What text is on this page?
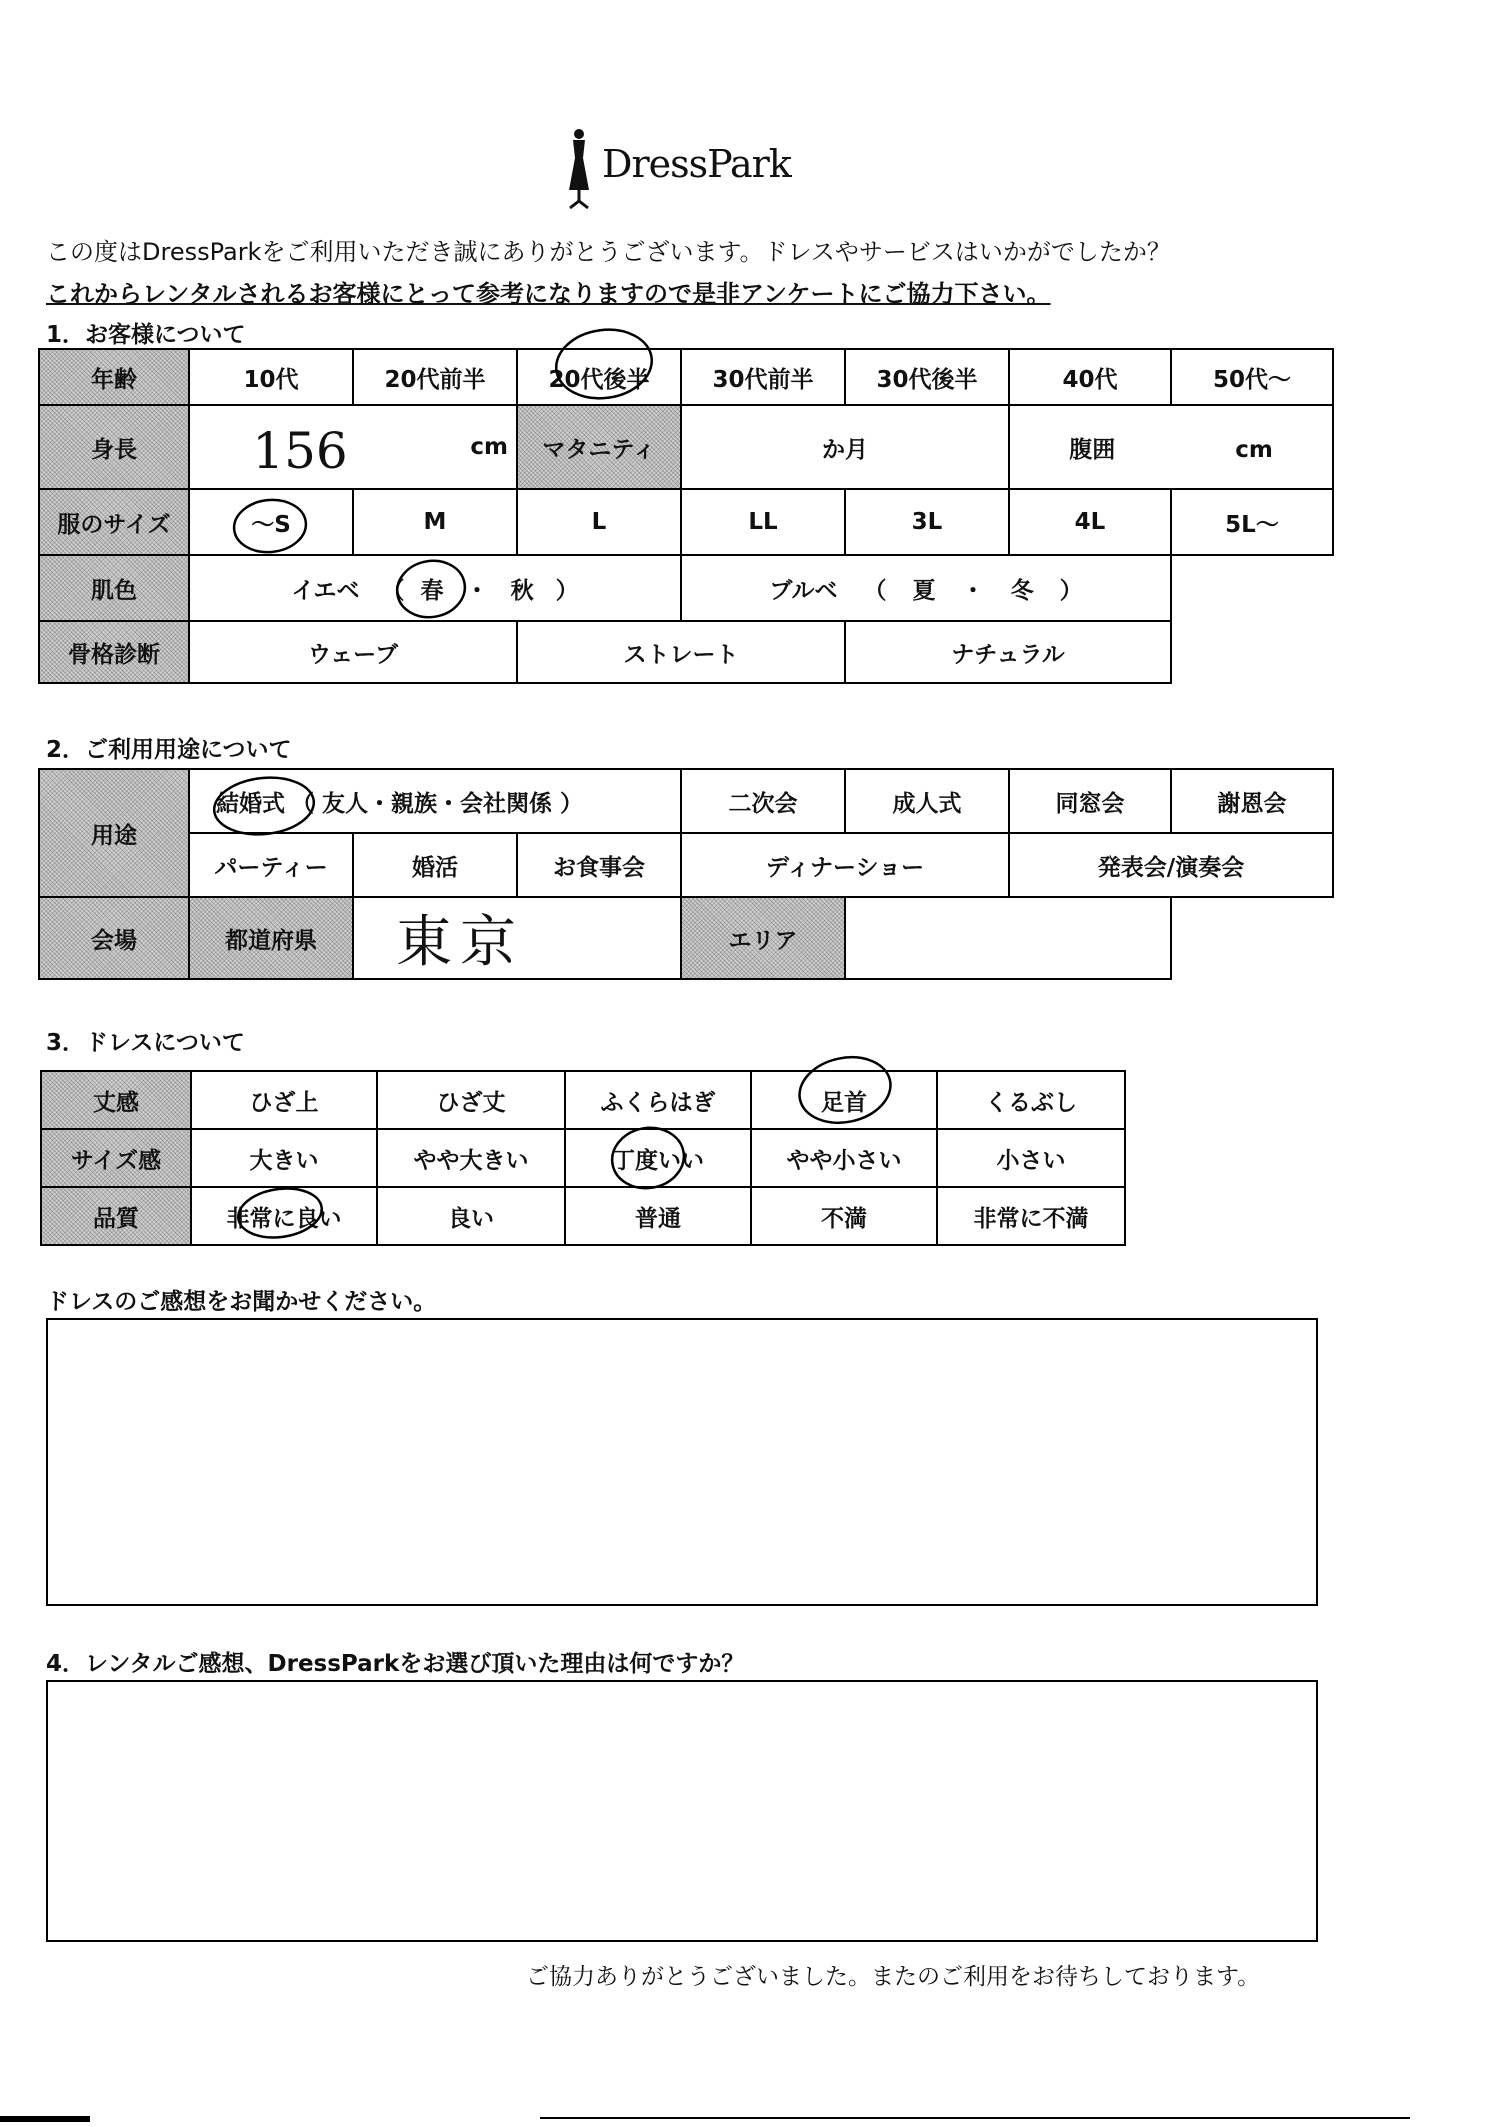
DressPark
この度はDressParkをご利用いただき誠にありがとうございます。ドレスやサービスはいかがでしたか？
これからレンタルされるお客様にとって参考になりますので是非アンケートにご協力下さい。
1．お客様について
年齢	10代	20代前半	20代後半	30代前半	30代後半	40代	50代～
身長	156 cm		マタニティ	か月		腹囲 cm	
服のサイズ	～S	M	L	LL	3L	4L	5L～
肌色	イエベ （ 春 ・ 秋 ）			ブルベ （ 夏 ・ 冬 ）			
骨格診断	ウェーブ		ストレート		ナチュラル		
2．ご利用用途について
用途	結婚式 （ 友人・親族・会社関係 ）			二次会	成人式	同窓会	謝恩会
	パーティー	婚活	お食事会	ディナーショー		発表会/演奏会	
会場	都道府県	東京		エリア			
3．ドレスについて
丈感	ひざ上	ひざ丈	ふくらはぎ	足首	くるぶし
サイズ感	大きい	やや大きい	丁度いい	やや小さい	小さい
品質	非常に良い	良い	普通	不満	非常に不満
ドレスのご感想をお聞かせください。
4．レンタルご感想、DressParkをお選び頂いた理由は何ですか？
ご協力ありがとうございました。またのご利用をお待ちしております。
